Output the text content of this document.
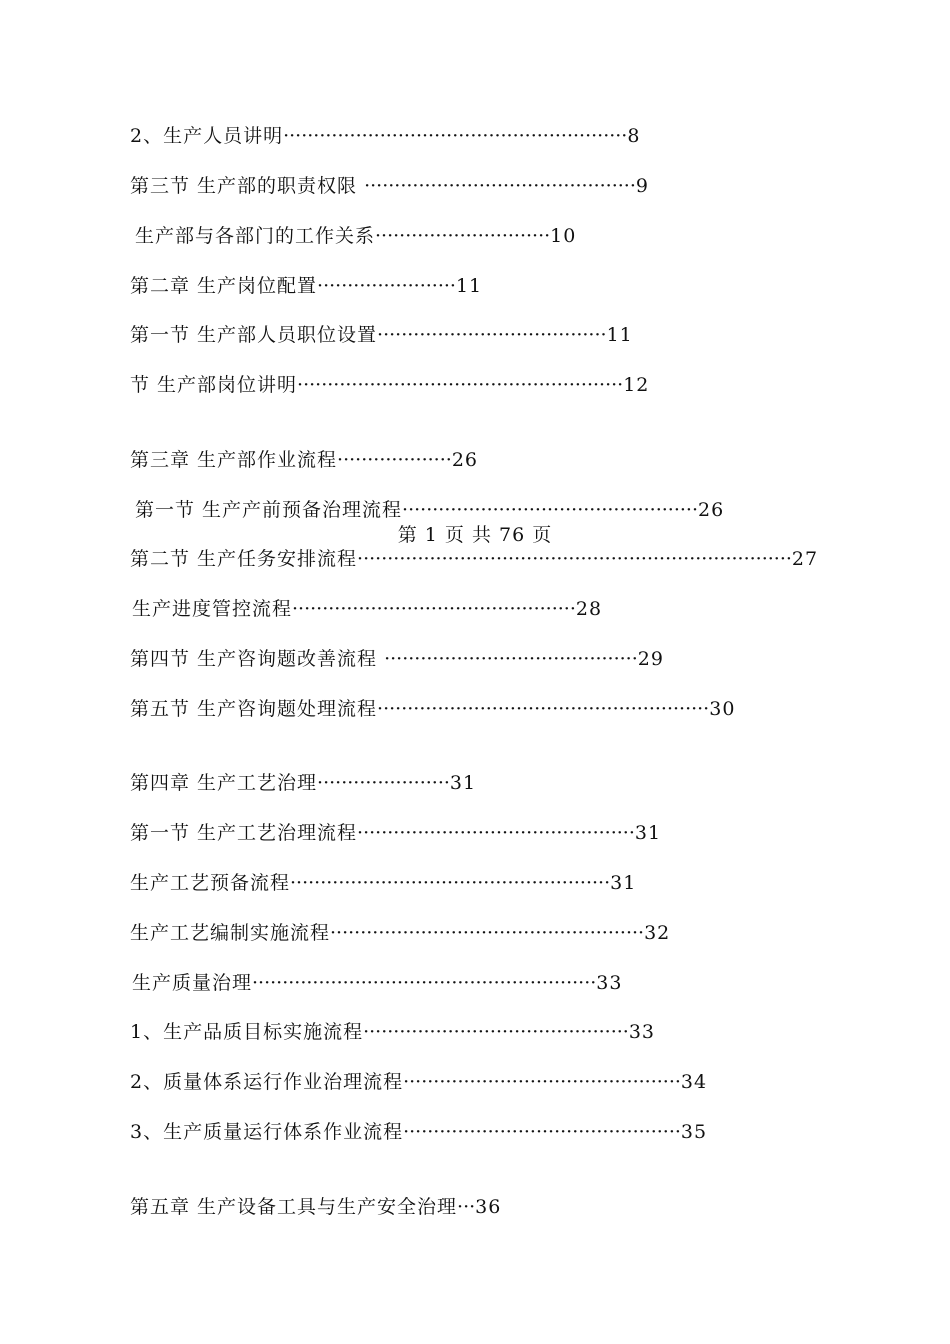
2、生产人员讲明·························································8
第三节 生产部的职责权限 ·············································9
生产部与各部门的工作关系·····························10
第二章 生产岗位配置·······················11
第一节 生产部人员职位设置······································11
节 生产部岗位讲明······················································12
第三章 生产部作业流程···················26
第一节 生产产前预备治理流程·················································26
第 1 页 共 76 页
第二节 生产任务安排流程········································································27
生产进度管控流程···············································28
第四节 生产咨询题改善流程 ··········································29
第五节 生产咨询题处理流程·······················································30
第四章 生产工艺治理······················31
第一节 生产工艺治理流程··············································31
生产工艺预备流程·····················································31
生产工艺编制实施流程····················································32
生产质量治理·························································33
1、生产品质目标实施流程············································33
2、质量体系运行作业治理流程··············································34
3、生产质量运行体系作业流程··············································35
第五章 生产设备工具与生产安全治理···36
